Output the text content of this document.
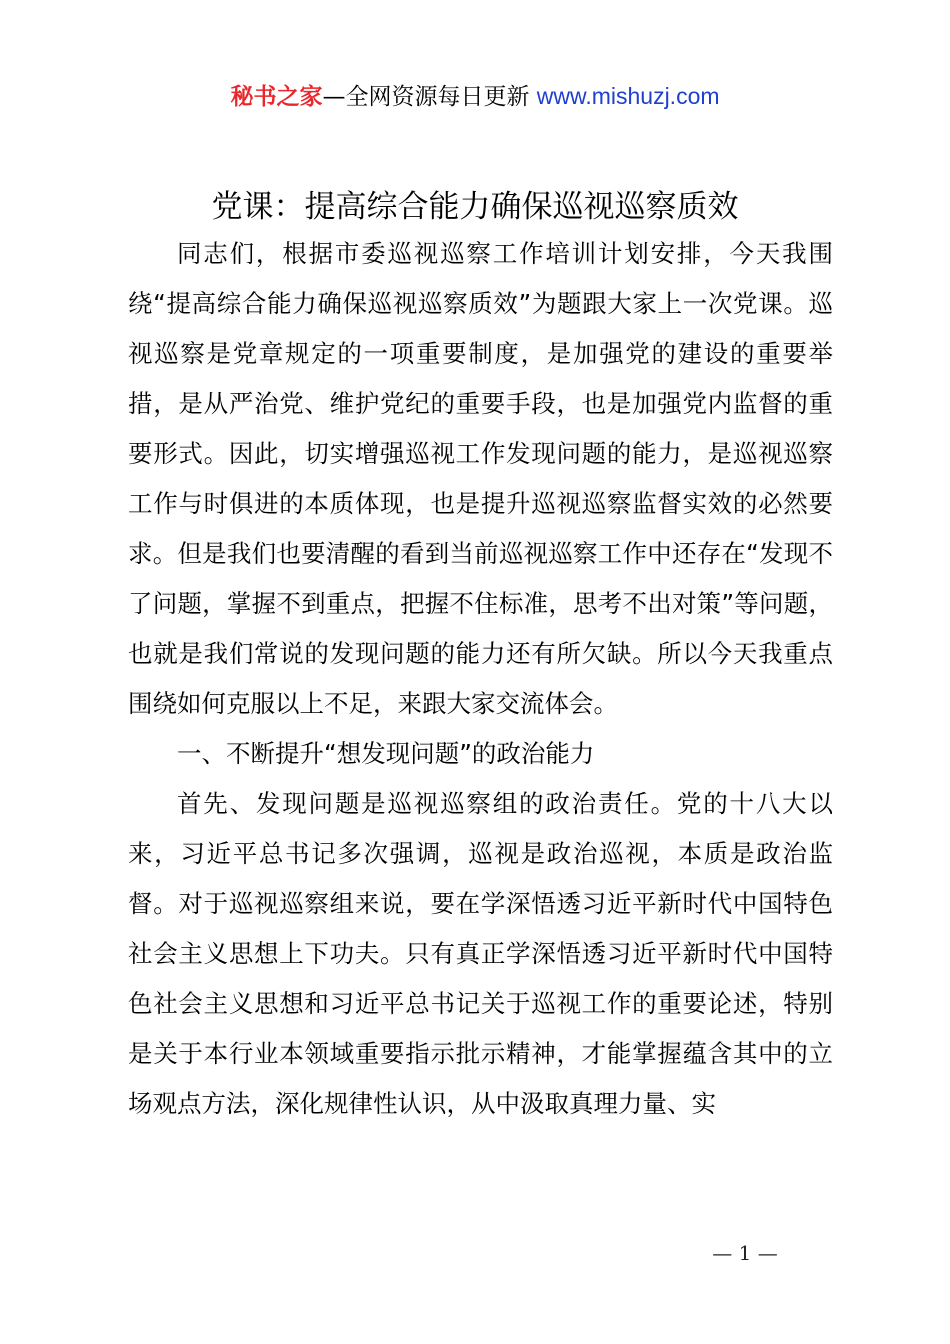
秘书之家—全网资源每日更新 www.mishuzj.com
党课：提高综合能力确保巡视巡察质效

同志们，根据市委巡视巡察工作培训计划安排，今天我围绕“提高综合能力确保巡视巡察质效”为题跟大家上一次党课。巡视巡察是党章规定的一项重要制度，是加强党的建设的重要举措，是从严治党、维护党纪的重要手段，也是加强党内监督的重要形式。因此，切实增强巡视工作发现问题的能力，是巡视巡察工作与时俱进的本质体现，也是提升巡视巡察监督实效的必然要求。但是我们也要清醒的看到当前巡视巡察工作中还存在“发现不了问题，掌握不到重点，把握不住标准，思考不出对策”等问题，也就是我们常说的发现问题的能力还有所欠缺。所以今天我重点围绕如何克服以上不足，来跟大家交流体会。

一、不断提升“想发现问题”的政治能力

首先、发现问题是巡视巡察组的政治责任。党的十八大以来，习近平总书记多次强调，巡视是政治巡视，本质是政治监督。对于巡视巡察组来说，要在学深悟透习近平新时代中国特色社会主义思想上下功夫。只有真正学深悟透习近平新时代中国特色社会主义思想和习近平总书记关于巡视工作的重要论述，特别是关于本行业本领域重要指示批示精神，才能掌握蕴含其中的立场观点方法，深化规律性认识，从中汲取真理力量、实

— 1 —
